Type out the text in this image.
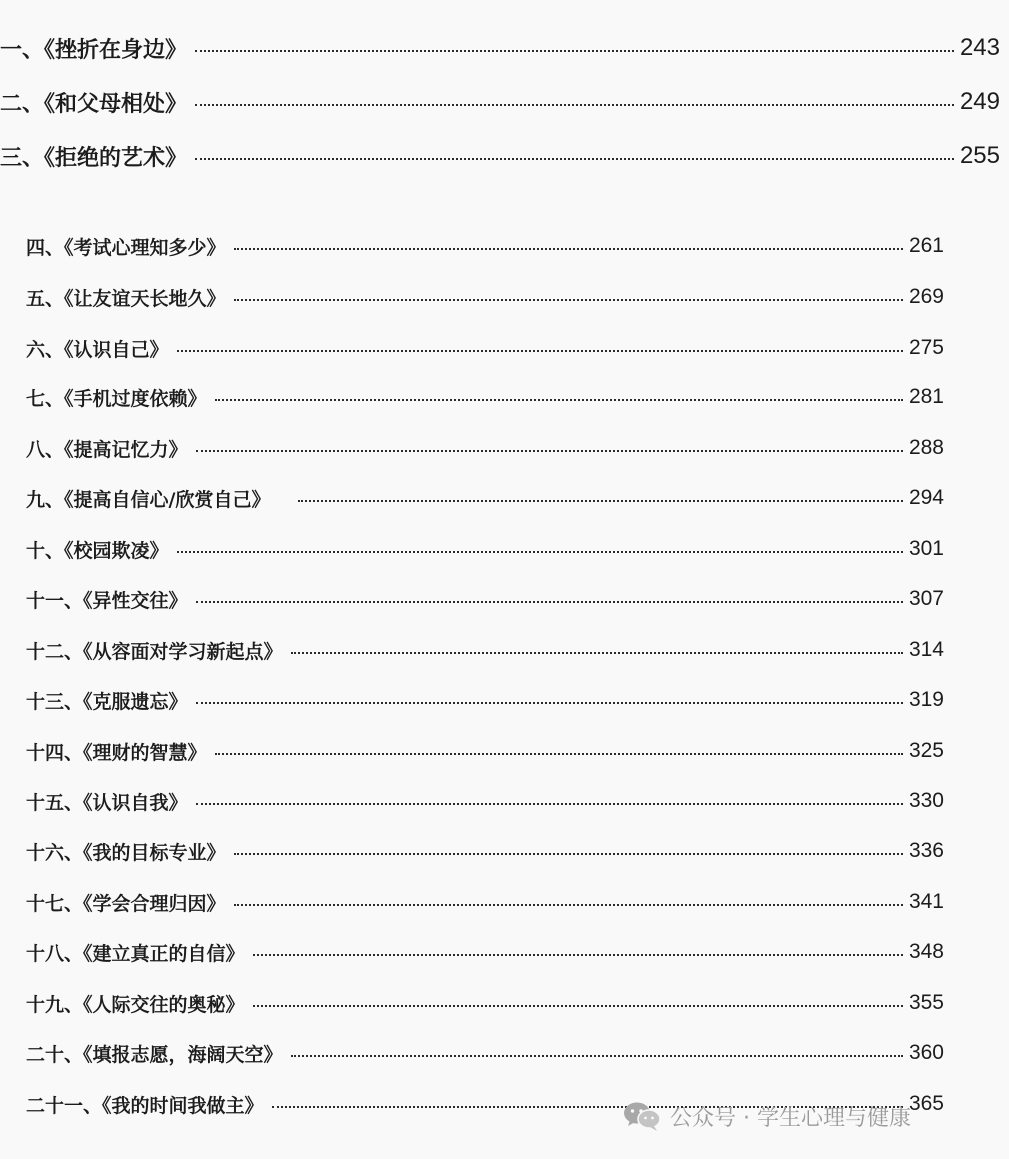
一、《挫折在身边》	243
二、《和父母相处》	249
三、《拒绝的艺术》	255
四、《考试心理知多少》	261
五、《让友谊天长地久》	269
六、《认识自己》	275
七、《手机过度依赖》	281
八、《提高记忆力》	288
九、《提高自信心/欣赏自己》	294
十、《校园欺凌》	301
十一、《异性交往》	307
十二、《从容面对学习新起点》	314
十三、《克服遗忘》	319
十四、《理财的智慧》	325
十五、《认识自我》	330
十六、《我的目标专业》	336
十七、《学会合理归因》	341
十八、《建立真正的自信》	348
十九、《人际交往的奥秘》	355
二十、《填报志愿，海阔天空》	360
二十一、《我的时间我做主》	365
公众号 · 学生心理与健康
